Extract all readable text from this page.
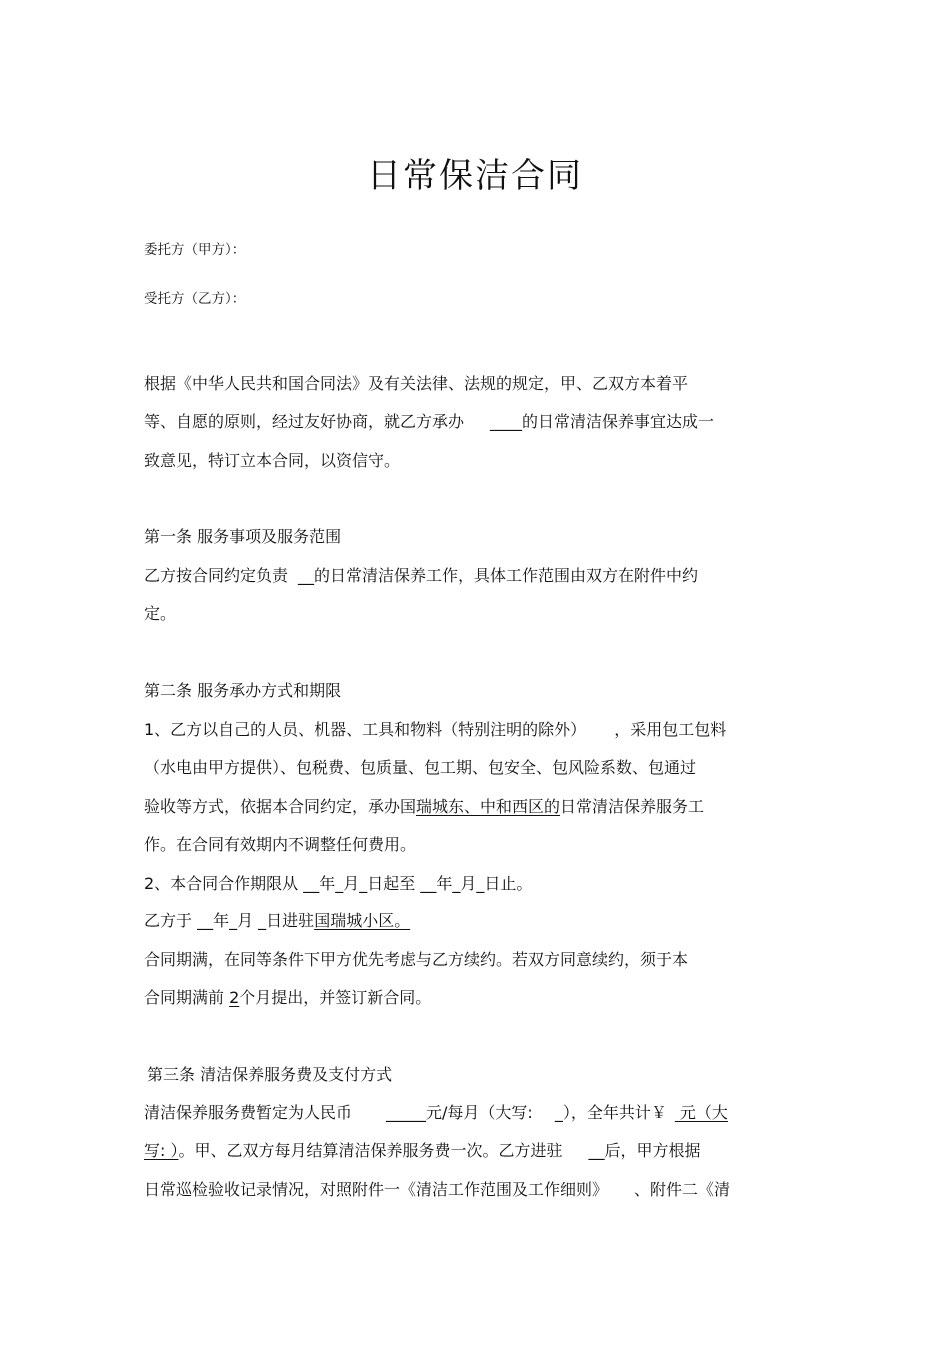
日常保洁合同
委托方（甲方）：
受托方（乙方）：
根据《中华人民共和国合同法》及有关法律、法规的规定，甲、乙双方本着平
等、自愿的原则，经过友好协商，就乙方承办 ____的日常清洁保养事宜达成一
致意见，特订立本合同，以资信守。
第一条 服务事项及服务范围
乙方按合同约定负责 __的日常清洁保养工作，具体工作范围由双方在附件中约
定。
第二条 服务承办方式和期限
1、乙方以自己的人员、机器、工具和物料（特别注明的除外） ，采用包工包料
（水电由甲方提供）、包税费、包质量、包工期、包安全、包风险系数、包通过
验收等方式，依据本合同约定，承办国瑞城东、中和西区的日常清洁保养服务工
作。在合同有效期内不调整任何费用。
2、本合同合作期限从 __年_月_日起至 __年_月_日止。
乙方于 __年_月 _日进驻国瑞城小区。
合同期满，在同等条件下甲方优先考虑与乙方续约。若双方同意续约，须于本
合同期满前 2个月提出，并签订新合同。
第三条 清洁保养服务费及支付方式
清洁保养服务费暂定为人民币 _____元/每月（大写: _），全年共计￥ 元（大
写: ）。甲、乙双方每月结算清洁保养服务费一次。乙方进驻 __后，甲方根据
日常巡检验收记录情况，对照附件一《清洁工作范围及工作细则》 、附件二《清
